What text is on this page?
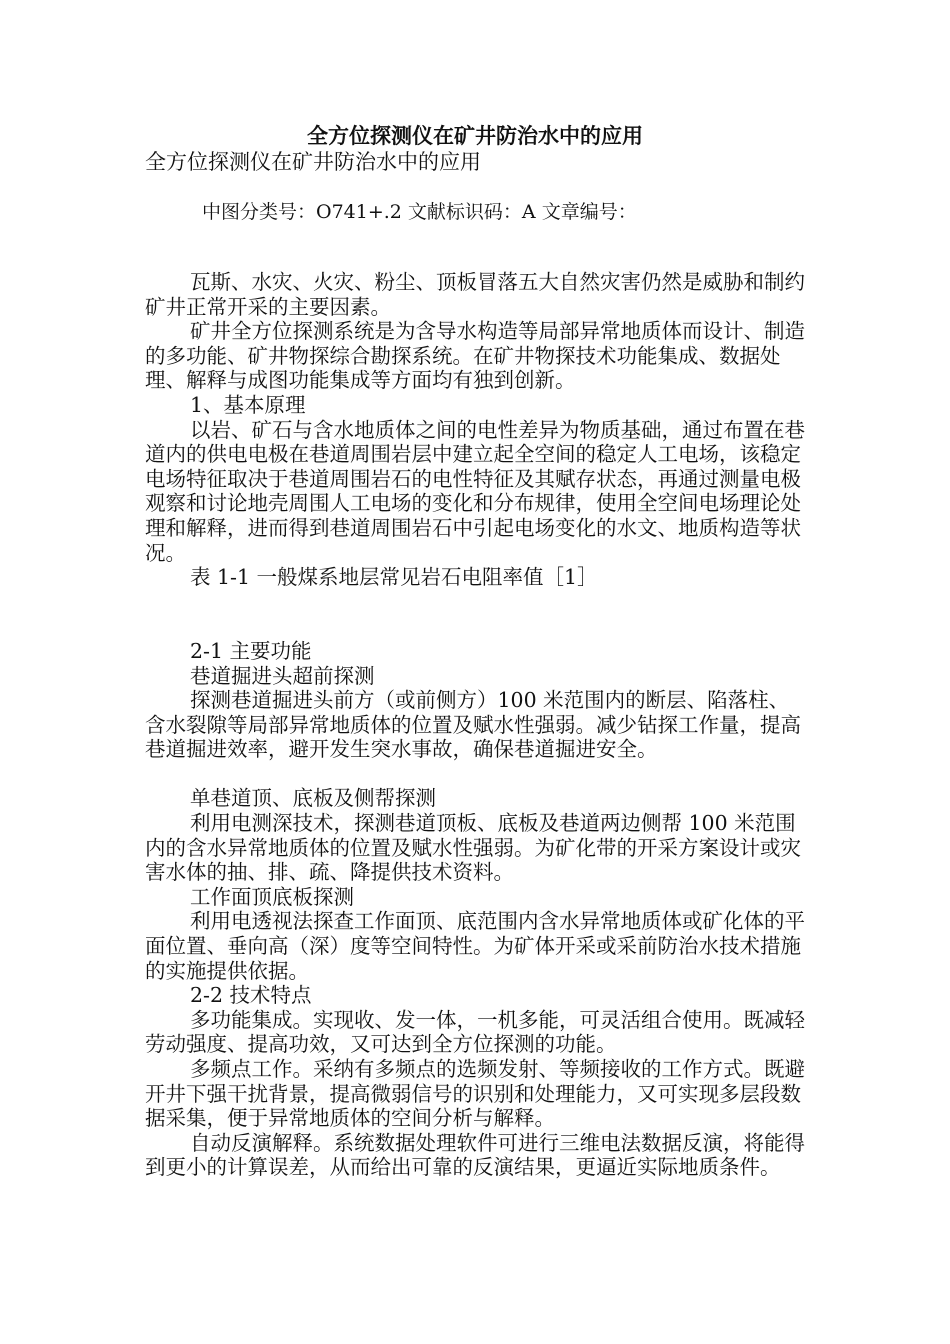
全方位探测仪在矿井防治水中的应用

全方位探测仪在矿井防治水中的应用

中图分类号：O741+.2 文献标识码：A 文章编号：

瓦斯、水灾、火灾、粉尘、顶板冒落五大自然灾害仍然是威胁和制约矿井正常开采的主要因素。

矿井全方位探测系统是为含导水构造等局部异常地质体而设计、制造的多功能、矿井物探综合勘探系统。在矿井物探技术功能集成、数据处理、解释与成图功能集成等方面均有独到创新。

1、基本原理

以岩、矿石与含水地质体之间的电性差异为物质基础，通过布置在巷道内的供电电极在巷道周围岩层中建立起全空间的稳定人工电场，该稳定电场特征取决于巷道周围岩石的电性特征及其赋存状态，再通过测量电极观察和讨论地壳周围人工电场的变化和分布规律，使用全空间电场理论处理和解释，进而得到巷道周围岩石中引起电场变化的水文、地质构造等状况。

表 1-1 一般煤系地层常见岩石电阻率值［1］

2-1 主要功能

巷道掘进头超前探测

探测巷道掘进头前方（或前侧方）100 米范围内的断层、陷落柱、含水裂隙等局部异常地质体的位置及赋水性强弱。减少钻探工作量，提高巷道掘进效率，避开发生突水事故，确保巷道掘进安全。

单巷道顶、底板及侧帮探测

利用电测深技术，探测巷道顶板、底板及巷道两边侧帮 100 米范围内的含水异常地质体的位置及赋水性强弱。为矿化带的开采方案设计或灾害水体的抽、排、疏、降提供技术资料。

工作面顶底板探测

利用电透视法探查工作面顶、底范围内含水异常地质体或矿化体的平面位置、垂向高（深）度等空间特性。为矿体开采或采前防治水技术措施的实施提供依据。

2-2 技术特点

多功能集成。实现收、发一体，一机多能，可灵活组合使用。既减轻劳动强度、提高功效，又可达到全方位探测的功能。

多频点工作。采纳有多频点的选频发射、等频接收的工作方式。既避开井下强干扰背景，提高微弱信号的识别和处理能力，又可实现多层段数据采集，便于异常地质体的空间分析与解释。

自动反演解释。系统数据处理软件可进行三维电法数据反演，将能得到更小的计算误差，从而给出可靠的反演结果，更逼近实际地质条件。
